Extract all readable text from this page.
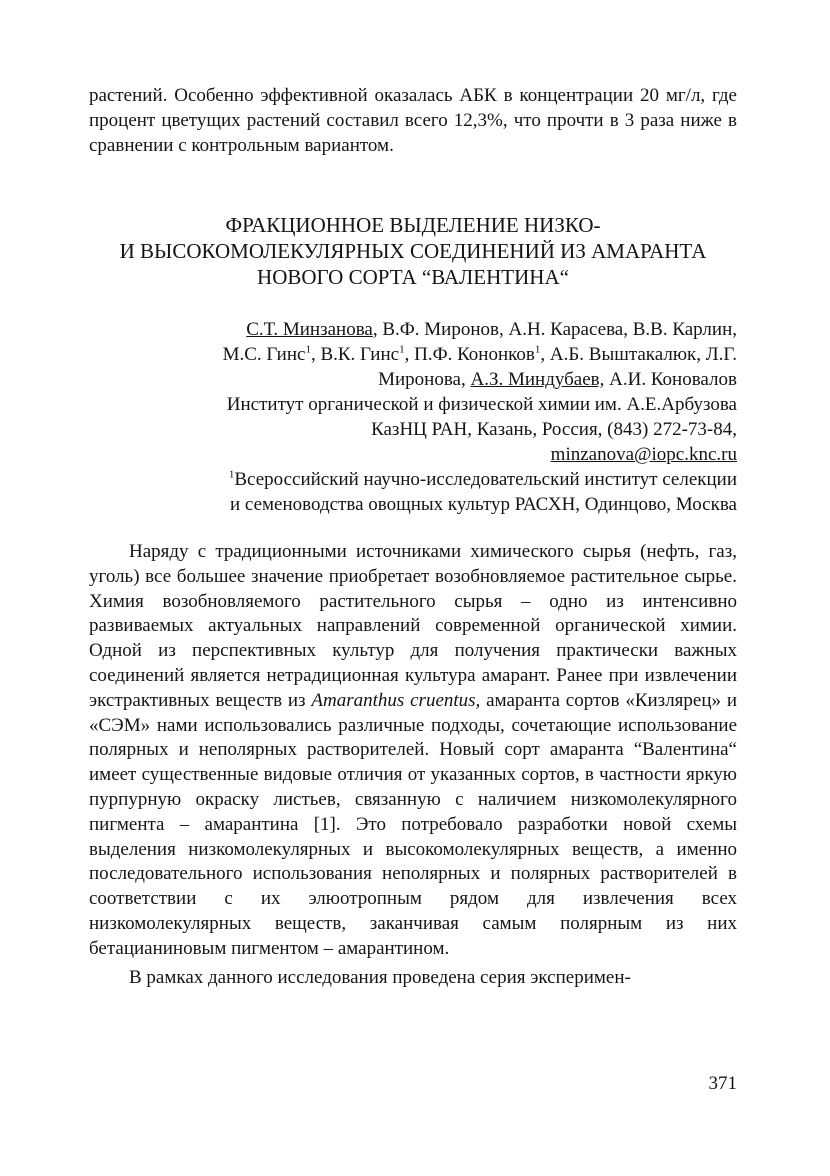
растений. Особенно эффективной оказалась АБК в концентрации 20 мг/л, где процент цветущих растений составил всего 12,3%, что прочти в 3 раза ниже в сравнении с контрольным вариантом.
ФРАКЦИОННОЕ ВЫДЕЛЕНИЕ НИЗКО-
И ВЫСОКОМОЛЕКУЛЯРНЫХ СОЕДИНЕНИЙ ИЗ АМАРАНТА
НОВОГО СОРТА “ВАЛЕНТИНА“
С.Т. Минзанова, В.Ф. Миронов, А.Н. Карасева, В.В. Карлин,
М.С. Гинс$^1$, В.К. Гинс$^1$, П.Ф. Кононков$^1$, А.Б. Выштакалюк, Л.Г.
Миронова, А.З. Миндубаев, А.И. Коновалов
Институт органической и физической химии им. А.Е.Арбузова
КазНЦ РАН, Казань, Россия, (843) 272-73-84,
minzanova@iopc.knc.ru
$^1$Всероссийский научно-исследовательский институт селекции
и семеноводства овощных культур РАСХН, Одинцово, Москва

Наряду с традиционными источниками химического сырья (нефть, газ, уголь) все большее значение приобретает возобновляемое растительное сырье. Химия возобновляемого растительного сырья – одно из интенсивно развиваемых актуальных направлений современной органической химии. Одной из перспективных культур для получения практически важных соединений является нетрадиционная культура амарант. Ранее при извлечении экстрактивных веществ из Amaranthus cruentus, амаранта сортов «Кизлярец» и «СЭМ» нами использовались различные подходы, сочетающие использование полярных и неполярных растворителей. Новый сорт амаранта “Валентина“ имеет существенные видовые отличия от указанных сортов, в частности яркую пурпурную окраску листьев, связанную с наличием низкомолекулярного пигмента – амарантина [1]. Это потребовало разработки новой схемы выделения низкомолекулярных и высокомолекулярных веществ, а именно последовательного использования неполярных и полярных растворителей в соответствии с их элюотропным рядом для извлечения всех низкомолекулярных веществ, заканчивая самым полярным из них бетацианиновым пигментом – амарантином.

В рамках данного исследования проведена серия эксперимен-

371
